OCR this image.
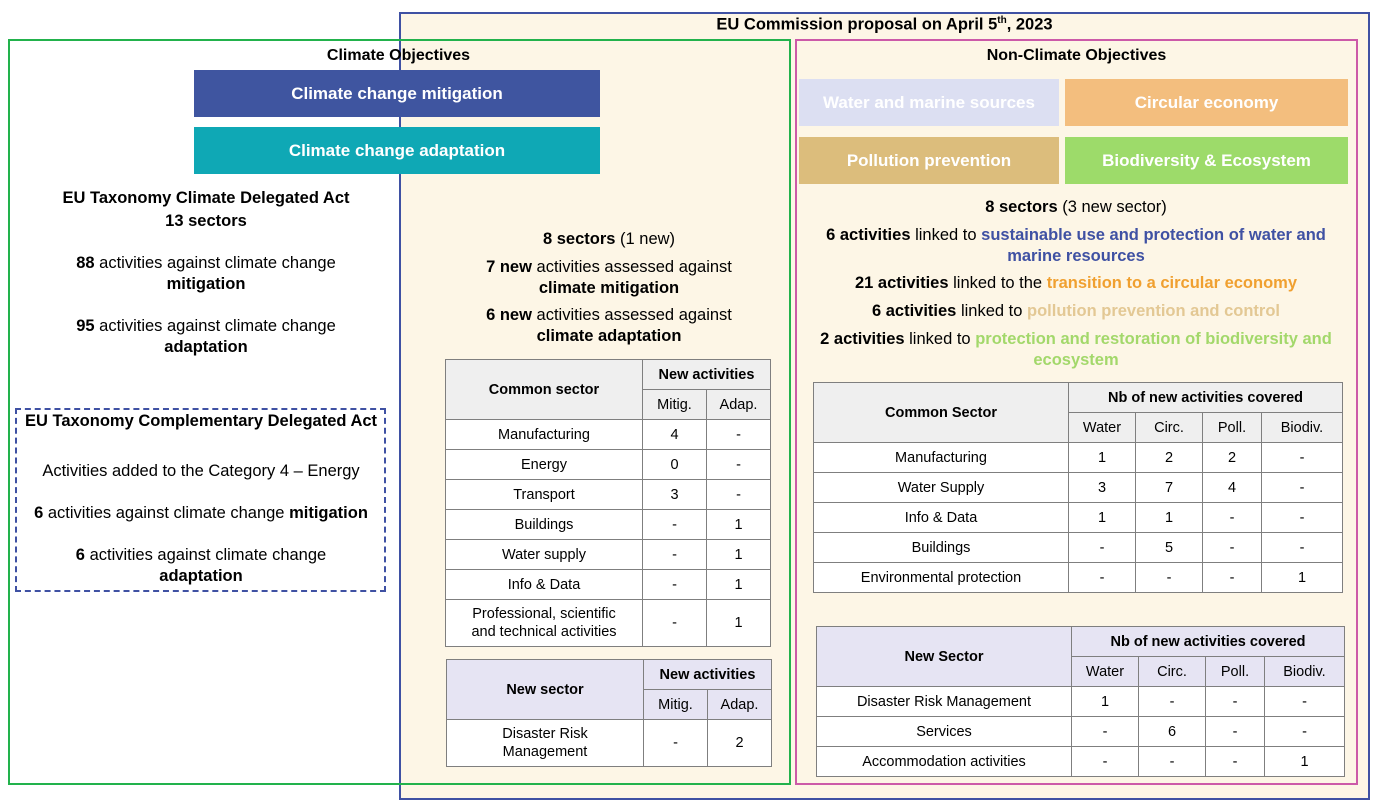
EU Commission proposal on April 5th, 2023
Climate Objectives
Climate change mitigation
Climate change adaptation
EU Taxonomy Climate Delegated Act
13 sectors
88 activities against climate change
mitigation
95 activities against climate change
adaptation
EU Taxonomy Complementary Delegated Act
Activities added to the Category 4 – Energy
6 activities against climate change mitigation
6 activities against climate change
adaptation
8 sectors (1 new)
7 new activities assessed against
climate mitigation
6 new activities assessed against
climate adaptation
Common sector	New activities	
	Mitig.	Adap.
Manufacturing	4	-
Energy	0	-
Transport	3	-
Buildings	-	1
Water supply	-	1
Info & Data	-	1
Professional, scientific and technical activities	-	1
New sector	New activities	
	Mitig.	Adap.
Disaster Risk Management	-	2
Non-Climate Objectives
Water and marine sources	Circular economy
Pollution prevention	Biodiversity & Ecosystem
8 sectors (3 new sector)
6 activities linked to sustainable use and protection of water and marine resources
21 activities linked to the transition to a circular economy
6 activities linked to pollution prevention and control
2 activities linked to protection and restoration of biodiversity and ecosystem
Common Sector	Nb of new activities covered			
	Water	Circ.	Poll.	Biodiv.
Manufacturing	1	2	2	-
Water Supply	3	7	4	-
Info & Data	1	1	-	-
Buildings	-	5	-	-
Environmental protection	-	-	-	1
New Sector	Nb of new activities covered			
	Water	Circ.	Poll.	Biodiv.
Disaster Risk Management	1	-	-	-
Services	-	6	-	-
Accommodation activities	-	-	-	1
